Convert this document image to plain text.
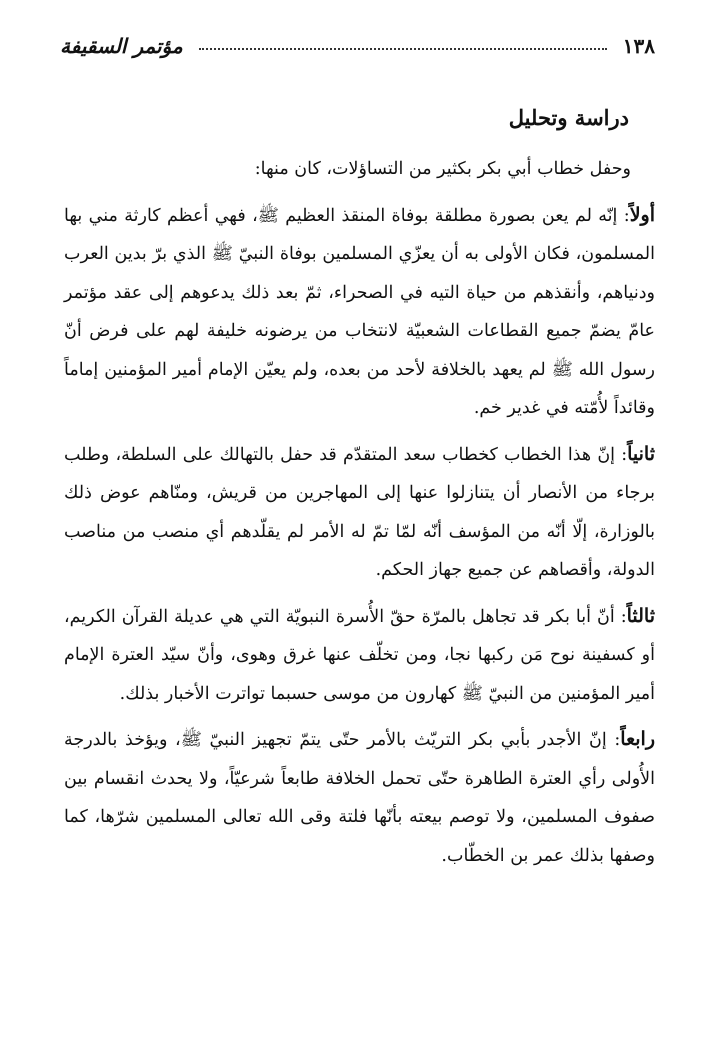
١٣٨
مؤتمر السقيفة
دراسة وتحليل

وحفل خطاب أبي بكر بكثير من التساؤلات، كان منها:

أولاً: إنّه لم يعن بصورة مطلقة بوفاة المنقذ العظيم ﷺ، فهي أعظم كارثة مني بها المسلمون، فكان الأولى به أن يعزّي المسلمين بوفاة النبيّ ﷺ الذي برّ بدين العرب ودنياهم، وأنقذهم من حياة التيه في الصحراء، ثمّ بعد ذلك يدعوهم إلى عقد مؤتمر عامّ يضمّ جميع القطاعات الشعبيّة لانتخاب من يرضونه خليفة لهم على فرض أنّ رسول الله ﷺ لم يعهد بالخلافة لأحد من بعده، ولم يعيّن الإمام أمير المؤمنين إماماً وقائداً لأُمّته في غدير خم.

ثانياً: إنّ هذا الخطاب كخطاب سعد المتقدّم قد حفل بالتهالك على السلطة، وطلب برجاء من الأنصار أن يتنازلوا عنها إلى المهاجرين من قريش، ومنّاهم عوض ذلك بالوزارة، إلّا أنّه من المؤسف أنّه لمّا تمّ له الأمر لم يقلّدهم أي منصب من مناصب الدولة، وأقصاهم عن جميع جهاز الحكم.

ثالثاً: أنّ أبا بكر قد تجاهل بالمرّة حقّ الأُسرة النبويّة التي هي عديلة القرآن الكريم، أو كسفينة نوح مَن ركبها نجا، ومن تخلّف عنها غرق وهوى، وأنّ سيّد العترة الإمام أمير المؤمنين من النبيّ ﷺ كهارون من موسى حسبما تواترت الأخبار بذلك.

رابعاً: إنّ الأجدر بأبي بكر التريّث بالأمر حتّى يتمّ تجهيز النبيّ ﷺ، ويؤخذ بالدرجة الأُولى رأي العترة الطاهرة حتّى تحمل الخلافة طابعاً شرعيّاً، ولا يحدث انقسام بين صفوف المسلمين، ولا توصم بيعته بأنّها فلتة وقى الله تعالى المسلمين شرّها، كما وصفها بذلك عمر بن الخطّاب.
